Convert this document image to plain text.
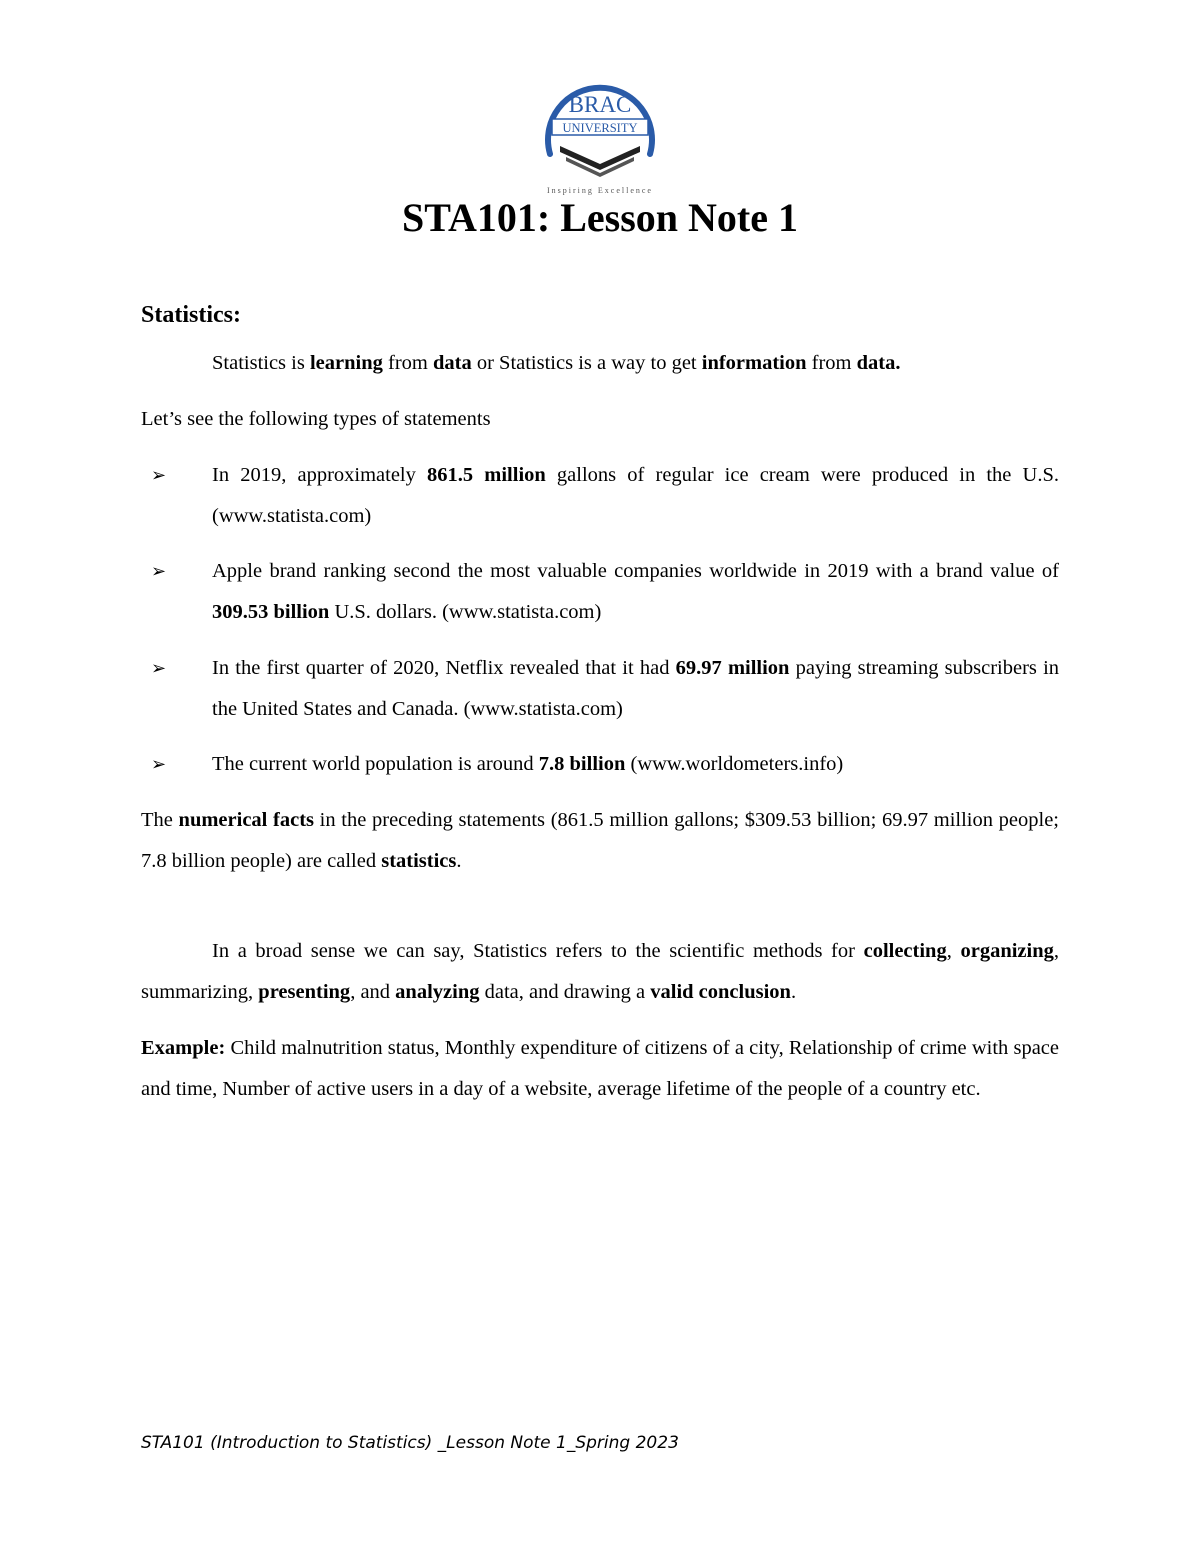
BRAC
UNIVERSITY
Inspiring Excellence
STA101: Lesson Note 1
Statistics:
Statistics is learning from data or Statistics is a way to get information from data.
Let’s see the following types of statements
➢ In 2019, approximately 861.5 million gallons of regular ice cream were produced in the U.S. (www.statista.com)
➢ Apple brand ranking second the most valuable companies worldwide in 2019 with a brand value of 309.53 billion U.S. dollars. (www.statista.com)
➢ In the first quarter of 2020, Netflix revealed that it had 69.97 million paying streaming subscribers in the United States and Canada. (www.statista.com)
➢ The current world population is around 7.8 billion (www.worldometers.info)
The numerical facts in the preceding statements (861.5 million gallons; $309.53 billion; 69.97 million people; 7.8 billion people) are called statistics.
In a broad sense we can say, Statistics refers to the scientific methods for collecting, organizing, summarizing, presenting, and analyzing data, and drawing a valid conclusion.
Example: Child malnutrition status, Monthly expenditure of citizens of a city, Relationship of crime with space and time, Number of active users in a day of a website, average lifetime of the people of a country etc.
STA101 (Introduction to Statistics) _Lesson Note 1_Spring 2023
